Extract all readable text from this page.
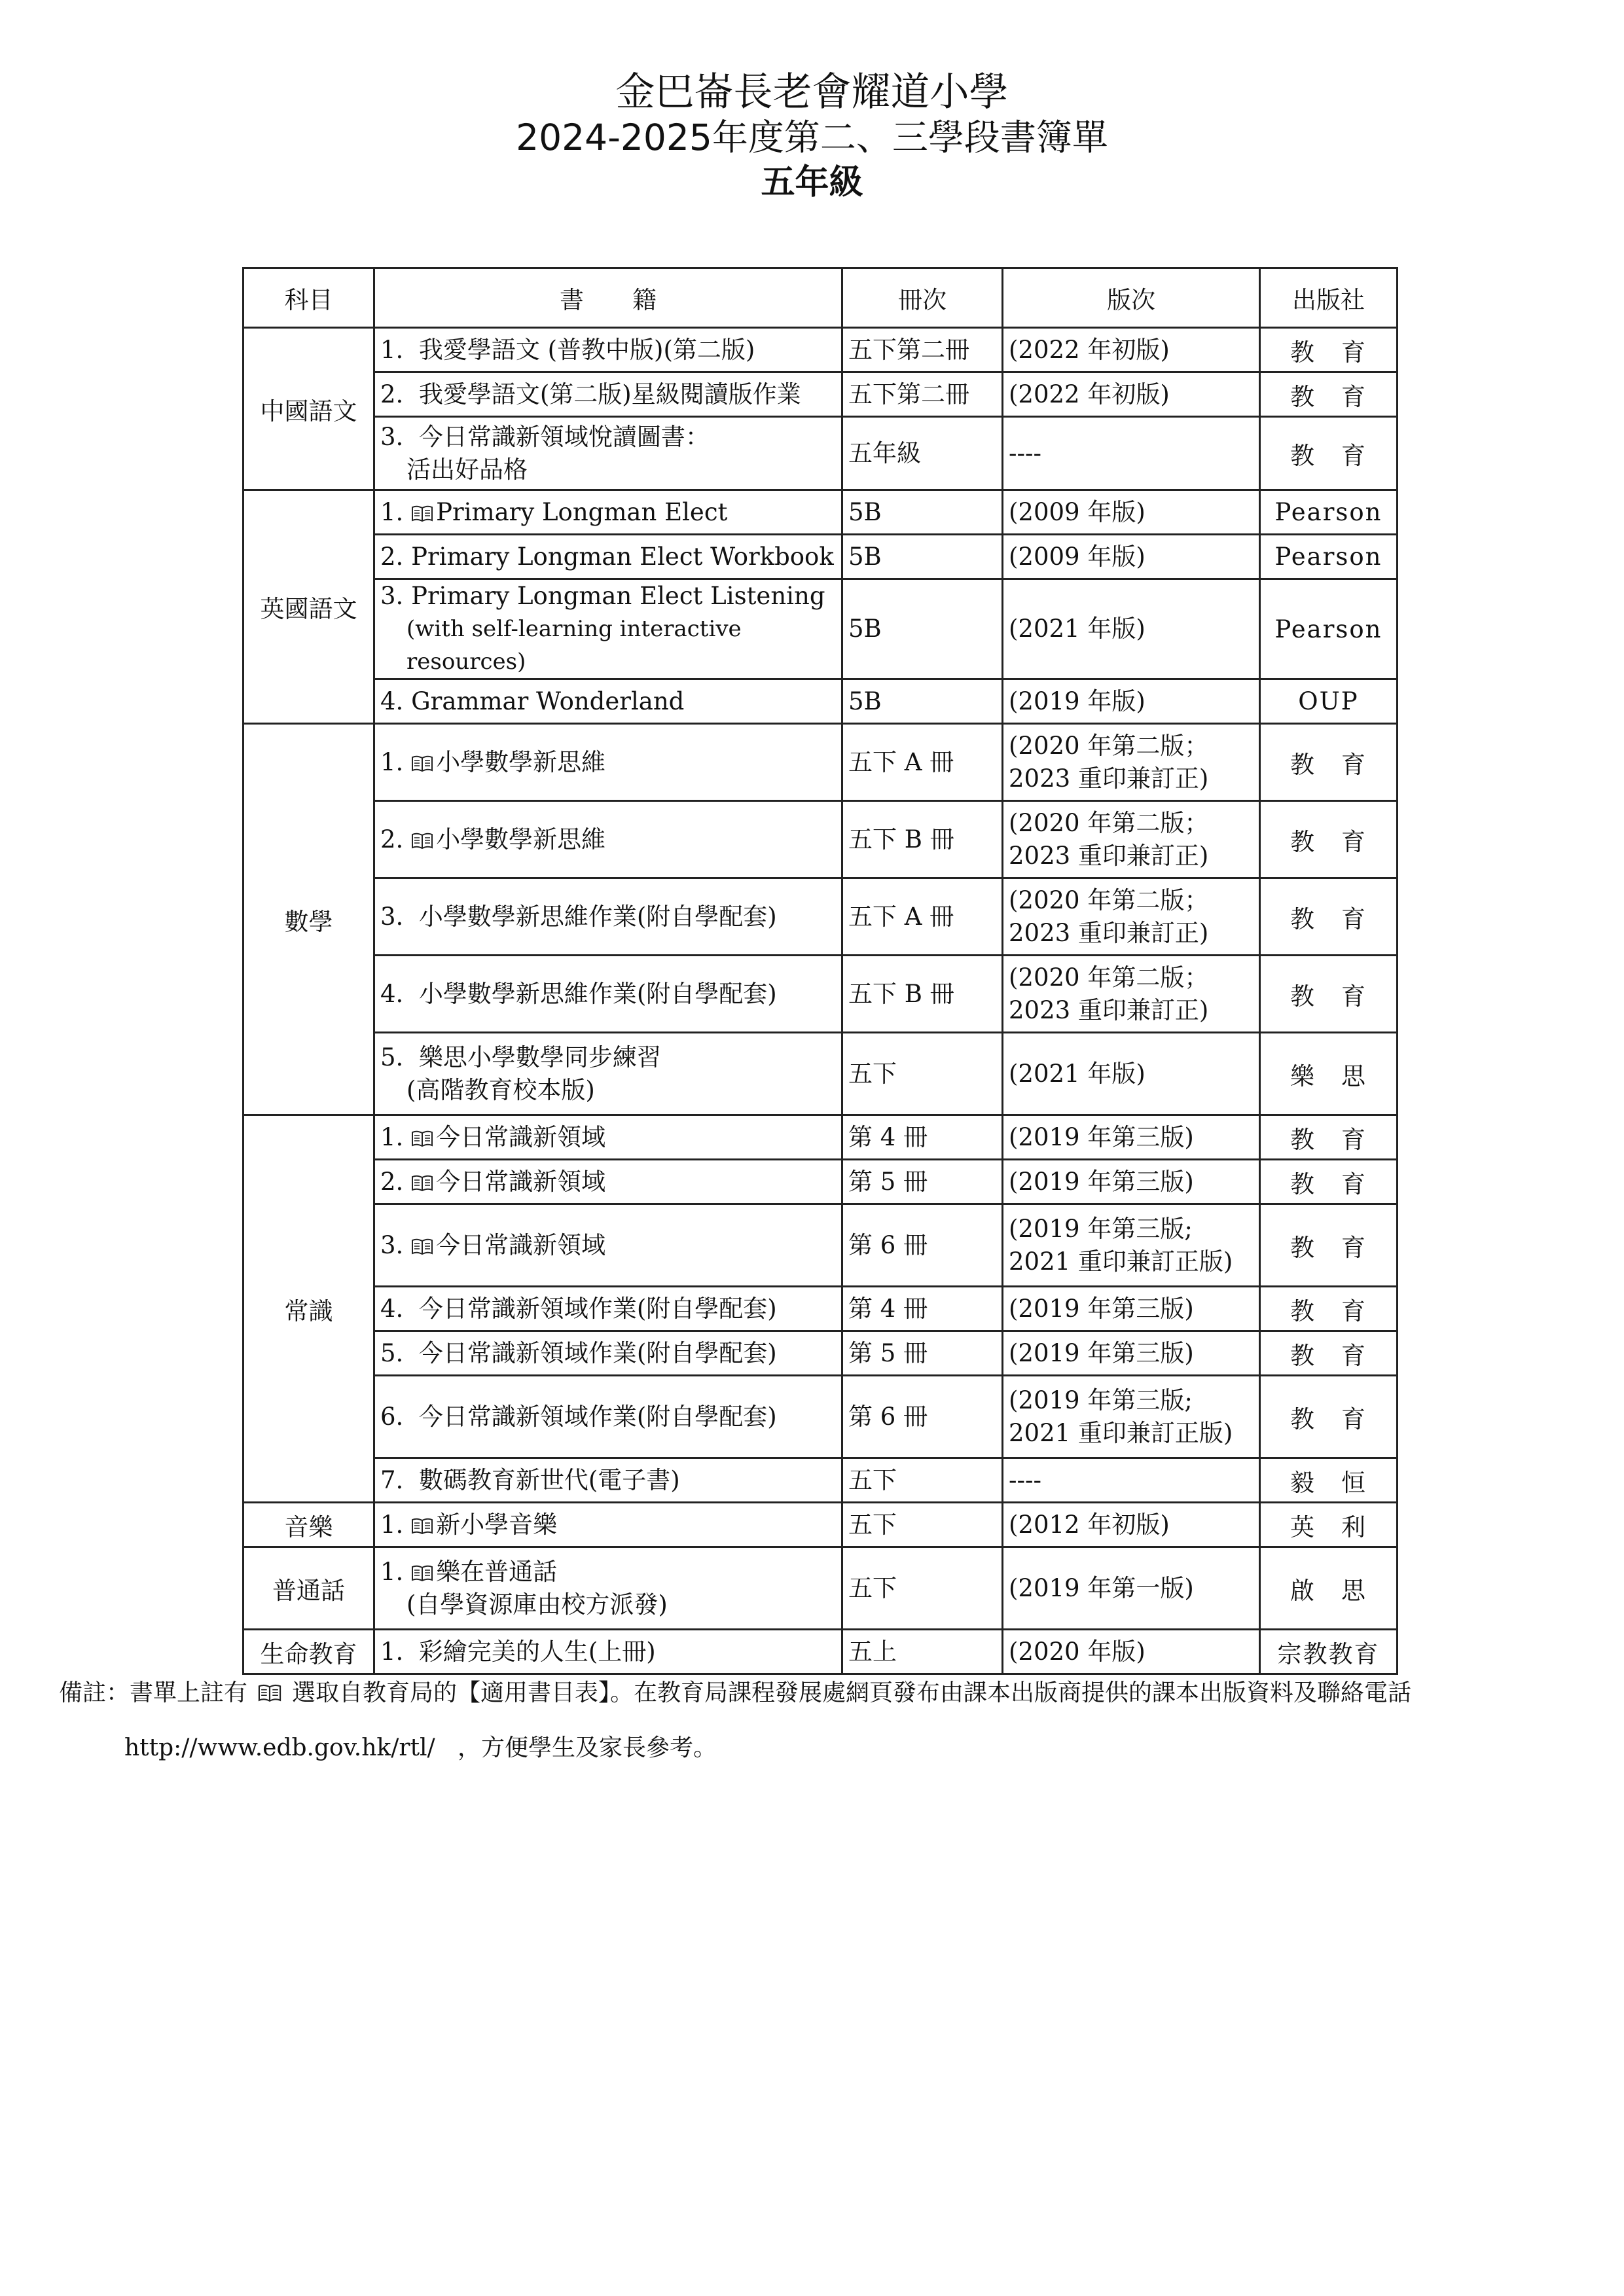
金巴崙長老會耀道小學
2024-2025年度第二、三學段書簿單
五年級
科目	書　　籍	冊次	版次	出版社
中國語文	1. 我愛學語文 (普教中版)(第二版)	五下第二冊	(2022 年初版)	教　育
	2. 我愛學語文(第二版)星級閱讀版作業	五下第二冊	(2022 年初版)	教　育
	3. 今日常識新領域悅讀圖書：
活出好品格	五年級	----	教　育
英國語文	1. Primary Longman Elect	5B	(2009 年版)	Pearson
	2. Primary Longman Elect Workbook	5B	(2009 年版)	Pearson
	3. Primary Longman Elect Listening
(with self-learning interactive resources)	5B	(2021 年版)	Pearson
	4. Grammar Wonderland	5B	(2019 年版)	OUP
數學	1. 小學數學新思維	五下 A 冊	(2020 年第二版；
2023 重印兼訂正)	教　育
	2. 小學數學新思維	五下 B 冊	(2020 年第二版；
2023 重印兼訂正)	教　育
	3. 小學數學新思維作業(附自學配套)	五下 A 冊	(2020 年第二版；
2023 重印兼訂正)	教　育
	4. 小學數學新思維作業(附自學配套)	五下 B 冊	(2020 年第二版；
2023 重印兼訂正)	教　育
	5. 樂思小學數學同步練習
(高階教育校本版)	五下	(2021 年版)	樂　思
常識	1. 今日常識新領域	第 4 冊	(2019 年第三版)	教　育
	2. 今日常識新領域	第 5 冊	(2019 年第三版)	教　育
	3. 今日常識新領域	第 6 冊	(2019 年第三版;
2021 重印兼訂正版)	教　育
	4. 今日常識新領域作業(附自學配套)	第 4 冊	(2019 年第三版)	教　育
	5. 今日常識新領域作業(附自學配套)	第 5 冊	(2019 年第三版)	教　育
	6. 今日常識新領域作業(附自學配套)	第 6 冊	(2019 年第三版;
2021 重印兼訂正版)	教　育
	7. 數碼教育新世代(電子書)	五下	----	毅　恒
音樂	1. 新小學音樂	五下	(2012 年初版)	英　利
普通話	1. 樂在普通話
(自學資源庫由校方派發)	五下	(2019 年第一版)	啟　思
生命教育	1. 彩繪完美的人生(上冊)	五上	(2020 年版)	宗教教育
備註：書單上註有 選取自教育局的【適用書目表】。在教育局課程發展處網頁發布由課本出版商提供的課本出版資料及聯絡電話
http://www.edb.gov.hk/rtl/ ，方便學生及家長參考。
